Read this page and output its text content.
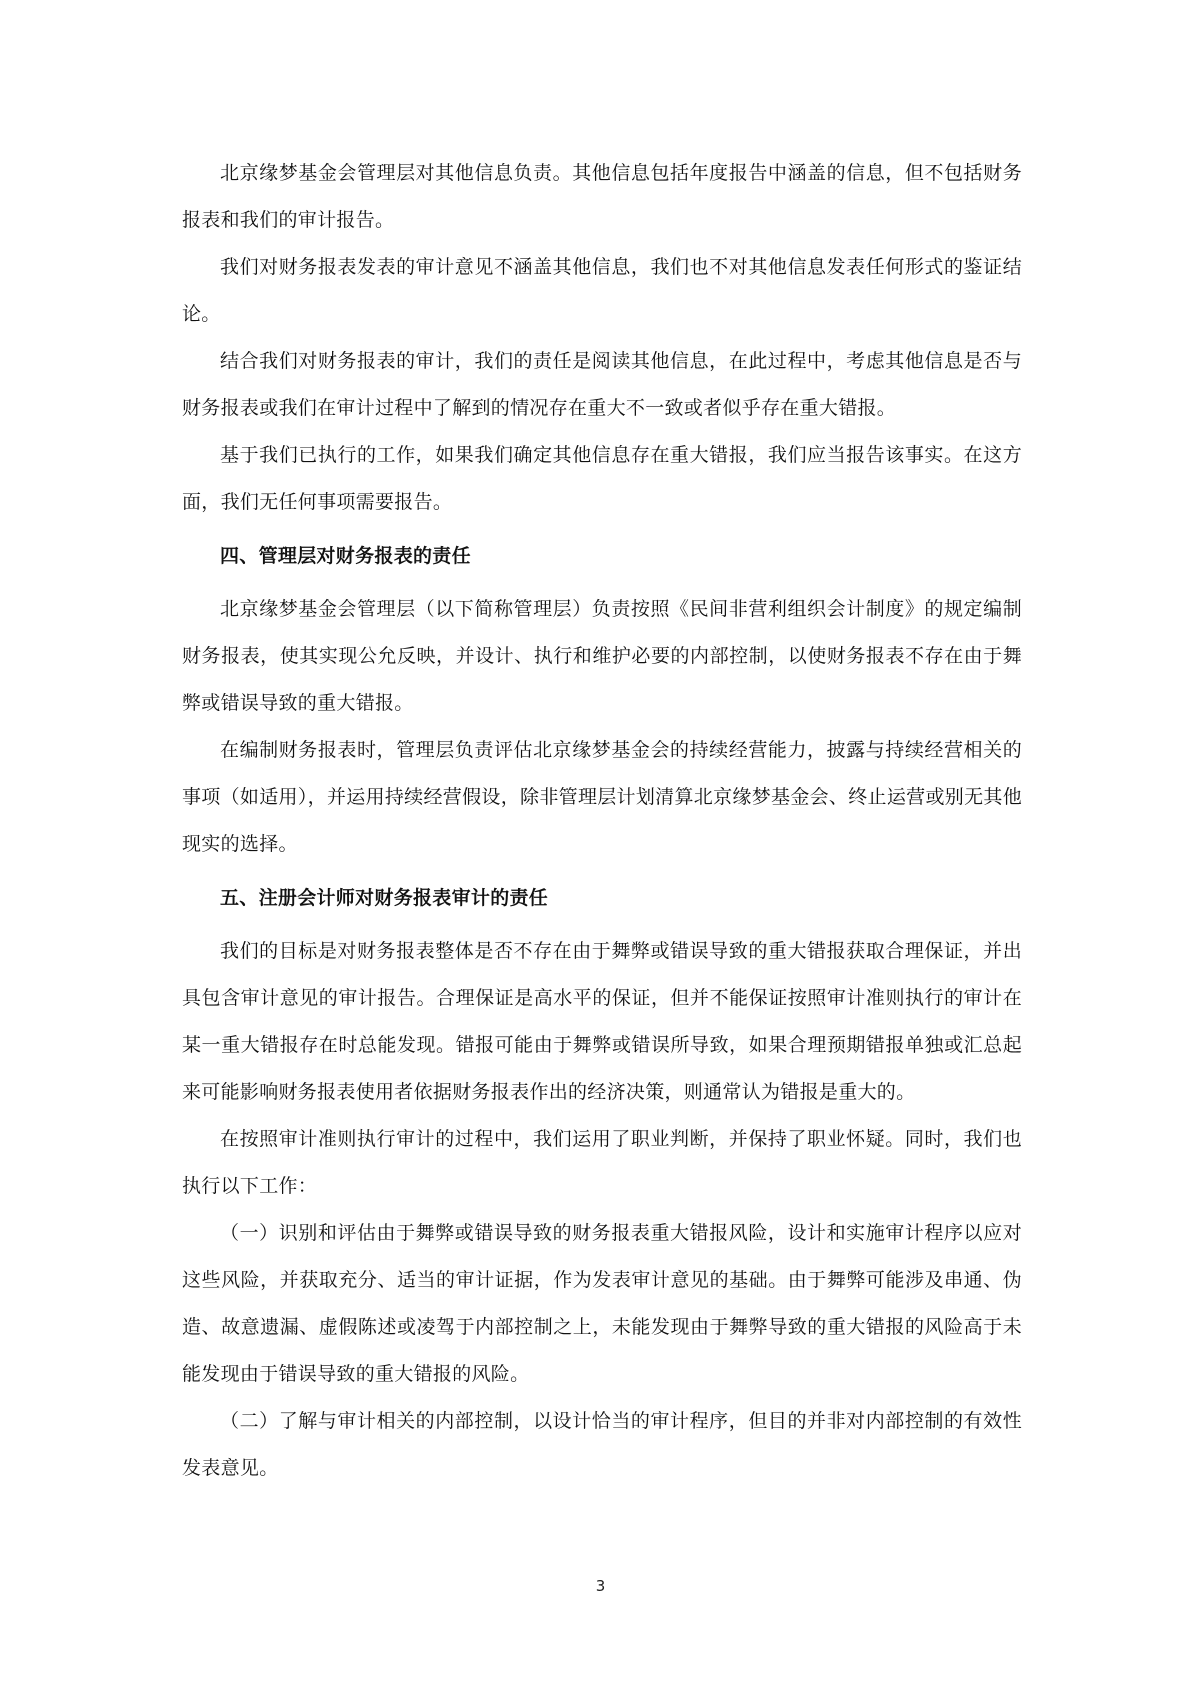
北京缘梦基金会管理层对其他信息负责。其他信息包括年度报告中涵盖的信息，但不包括财务报表和我们的审计报告。

我们对财务报表发表的审计意见不涵盖其他信息，我们也不对其他信息发表任何形式的鉴证结论。

结合我们对财务报表的审计，我们的责任是阅读其他信息，在此过程中，考虑其他信息是否与财务报表或我们在审计过程中了解到的情况存在重大不一致或者似乎存在重大错报。

基于我们已执行的工作，如果我们确定其他信息存在重大错报，我们应当报告该事实。在这方面，我们无任何事项需要报告。

四、管理层对财务报表的责任

北京缘梦基金会管理层（以下简称管理层）负责按照《民间非营利组织会计制度》的规定编制财务报表，使其实现公允反映，并设计、执行和维护必要的内部控制，以使财务报表不存在由于舞弊或错误导致的重大错报。

在编制财务报表时，管理层负责评估北京缘梦基金会的持续经营能力，披露与持续经营相关的事项（如适用），并运用持续经营假设，除非管理层计划清算北京缘梦基金会、终止运营或别无其他现实的选择。

五、注册会计师对财务报表审计的责任

我们的目标是对财务报表整体是否不存在由于舞弊或错误导致的重大错报获取合理保证，并出具包含审计意见的审计报告。合理保证是高水平的保证，但并不能保证按照审计准则执行的审计在某一重大错报存在时总能发现。错报可能由于舞弊或错误所导致，如果合理预期错报单独或汇总起来可能影响财务报表使用者依据财务报表作出的经济决策，则通常认为错报是重大的。

在按照审计准则执行审计的过程中，我们运用了职业判断，并保持了职业怀疑。同时，我们也执行以下工作：

（一）识别和评估由于舞弊或错误导致的财务报表重大错报风险，设计和实施审计程序以应对这些风险，并获取充分、适当的审计证据，作为发表审计意见的基础。由于舞弊可能涉及串通、伪造、故意遗漏、虚假陈述或凌驾于内部控制之上，未能发现由于舞弊导致的重大错报的风险高于未能发现由于错误导致的重大错报的风险。

（二）了解与审计相关的内部控制，以设计恰当的审计程序，但目的并非对内部控制的有效性发表意见。

3
